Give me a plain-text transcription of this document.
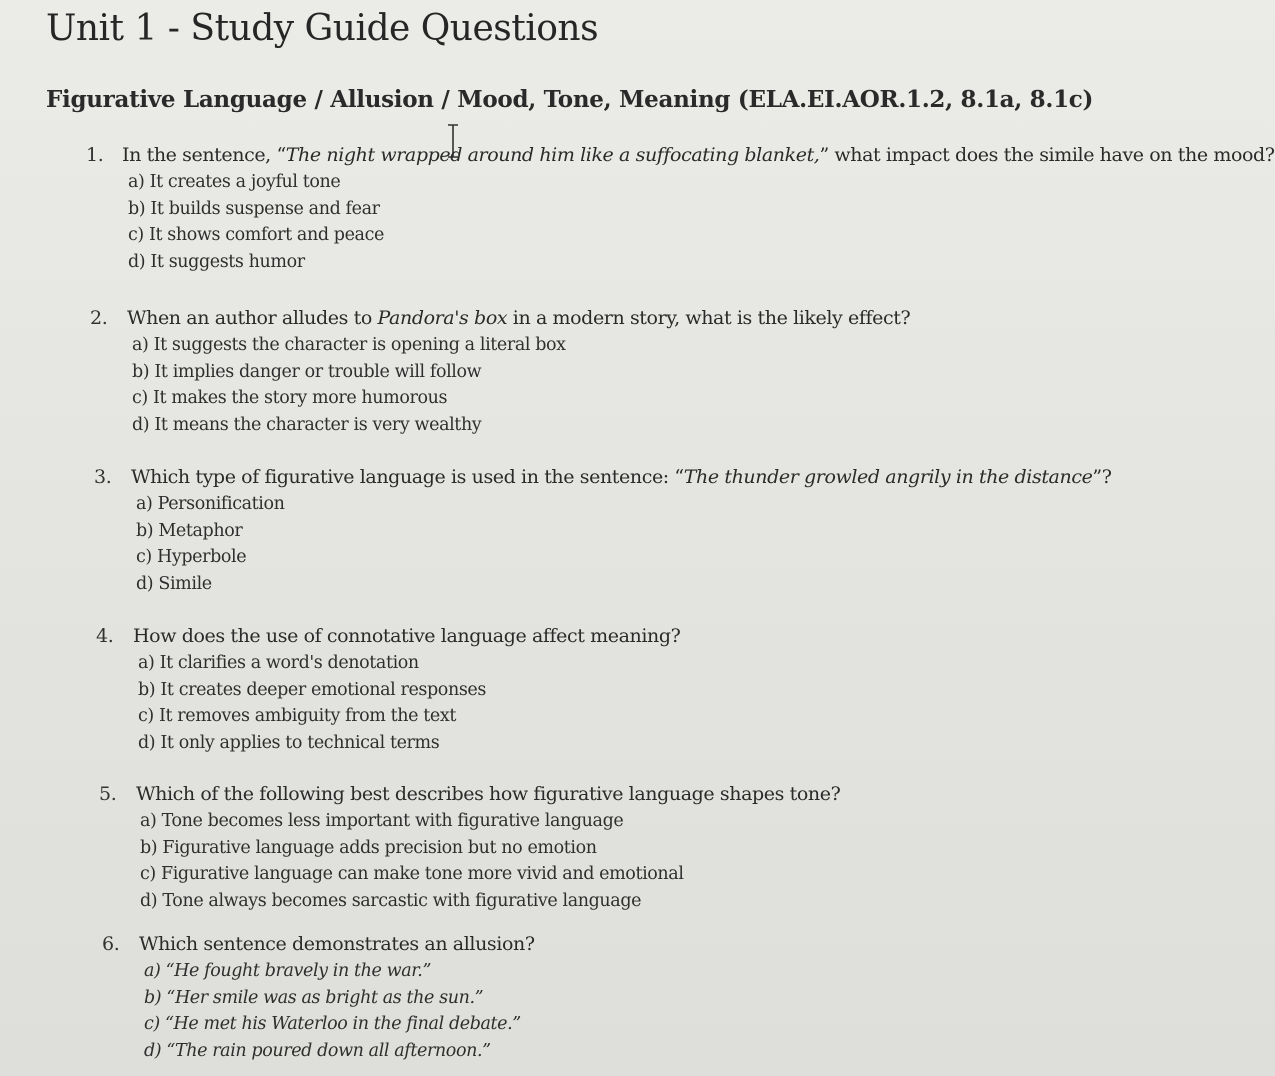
Unit 1 - Study Guide Questions
Figurative Language / Allusion / Mood, Tone, Meaning (ELA.EI.AOR.1.2, 8.1a, 8.1c)
1. In the sentence, “The night wrapped around him like a suffocating blanket,” what impact does the simile have on the mood?
a) It creates a joyful tone
b) It builds suspense and fear
c) It shows comfort and peace
d) It suggests humor
2. When an author alludes to Pandora's box in a modern story, what is the likely effect?
a) It suggests the character is opening a literal box
b) It implies danger or trouble will follow
c) It makes the story more humorous
d) It means the character is very wealthy
3. Which type of figurative language is used in the sentence: “The thunder growled angrily in the distance”?
a) Personification
b) Metaphor
c) Hyperbole
d) Simile
4. How does the use of connotative language affect meaning?
a) It clarifies a word's denotation
b) It creates deeper emotional responses
c) It removes ambiguity from the text
d) It only applies to technical terms
5. Which of the following best describes how figurative language shapes tone?
a) Tone becomes less important with figurative language
b) Figurative language adds precision but no emotion
c) Figurative language can make tone more vivid and emotional
d) Tone always becomes sarcastic with figurative language
6. Which sentence demonstrates an allusion?
a) “He fought bravely in the war.”
b) “Her smile was as bright as the sun.”
c) “He met his Waterloo in the final debate.”
d) “The rain poured down all afternoon.”
